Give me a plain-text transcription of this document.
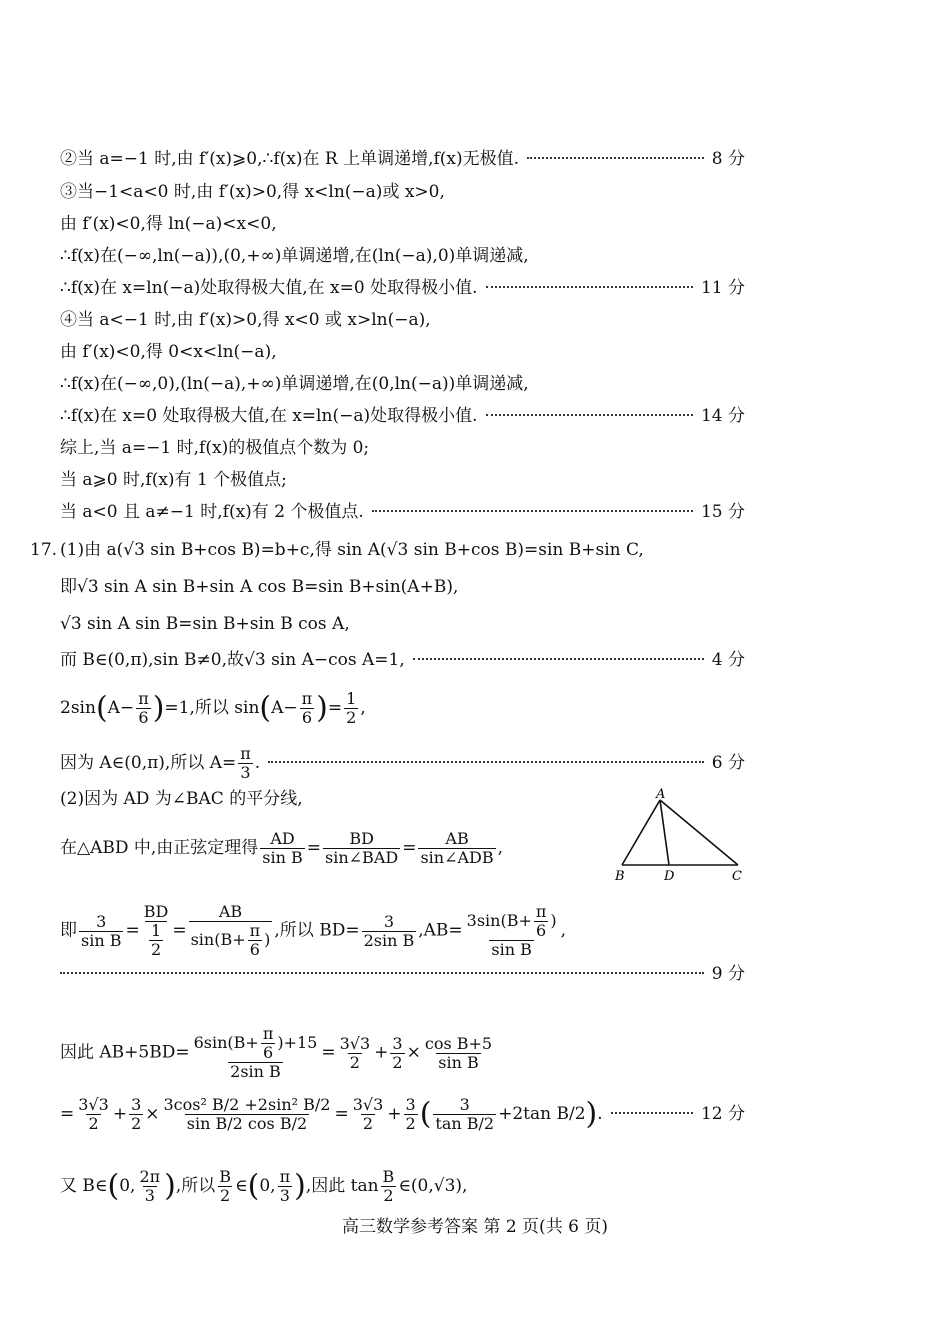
②当 a=−1 时,由 f′(x)⩾0,∴f(x)在 R 上单调递增,f(x)无极值.	8 分
③当−1<a<0 时,由 f′(x)>0,得 x<ln(−a)或 x>0,
由 f′(x)<0,得 ln(−a)<x<0,
∴f(x)在(−∞,ln(−a)),(0,+∞)单调递增,在(ln(−a),0)单调递减,
∴f(x)在 x=ln(−a)处取得极大值,在 x=0 处取得极小值.	11 分
④当 a<−1 时,由 f′(x)>0,得 x<0 或 x>ln(−a),
由 f′(x)<0,得 0<x<ln(−a),
∴f(x)在(−∞,0),(ln(−a),+∞)单调递增,在(0,ln(−a))单调递减,
∴f(x)在 x=0 处取得极大值,在 x=ln(−a)处取得极小值.	14 分
综上,当 a=−1 时,f(x)的极值点个数为 0;
当 a⩾0 时,f(x)有 1 个极值点;
当 a<0 且 a≠−1 时,f(x)有 2 个极值点.	15 分
17. (1)由 a(√3 sin B+cos B)=b+c,得 sin A(√3 sin B+cos B)=sin B+sin C,
即√3 sin A sin B+sin A cos B=sin B+sin(A+B),
√3 sin A sin B=sin B+sin B cos A,
而 B∈(0,π),sin B≠0,故√3 sin A−cos A=1,	4 分
$2\sin(A- \frac{\pi}{6} )=1$,所以 $\sin(A- \frac{\pi}{6}$ )= $\frac{1}{2}$ ,
因为 A∈(0,π),所以 $A= \frac{\pi}{3}$ .	6 分
(2)因为 AD 为∠BAC 的平分线,	A
B	D	C
在△ABD 中,由正弦定理得 $\frac{AD}{\text{sin B}} = \frac{BD}{\text{sin∠BAD}} = \frac{AB}{\text{sin∠ADB}}$ ,
即 $\frac{3}{\text{sin B}} = \frac{BD}{\frac{1}{2}} = \frac{AB}{\sin(B+ \frac{\pi}{6} )}$ ,所以 $BD= \frac{3}{\text{2sin B}} ,AB= \frac{3\sin(B+ \frac{\pi}{6} )}{\text{sin B}}$ ,
9 分
因此 $AB+5BD= \frac{6\sin(B+ \frac{\pi}{6} )+15}{\text{2sin B}} = \frac{3√3}{2} + \frac{3}{2} \times \frac{\text{cos B+5}}{\text{sin B}}$
= $\frac{3√3}{2} + \frac{3}{2} \times \frac{\text{3cos² B/2 +2sin² B/2}}{\text{sin B/2 cos B/2}} = \frac{3√3}{2} + \frac{3}{2}$ ( $\frac{3}{\text{tan B/2}} +2\tan$ B/2).	12 分
又 B∈(0, $\frac{2\pi}{3}$ ),所以 $\frac{B}{2}$ ∈(0, $\frac{\pi}{3}$ ),因此 $\tan \frac{B}{2}$ ∈(0,√3),
高三数学参考答案 第 2 页(共 6 页)
